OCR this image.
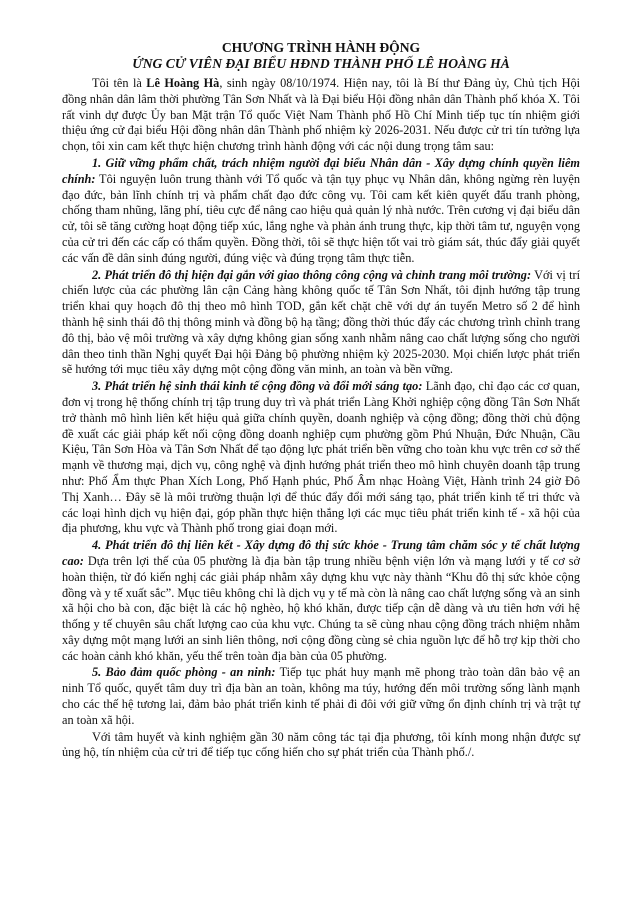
CHƯƠNG TRÌNH HÀNH ĐỘNG
ỨNG CỬ VIÊN ĐẠI BIỂU HĐND THÀNH PHỐ LÊ HOÀNG HÀ

Tôi tên là Lê Hoàng Hà, sinh ngày 08/10/1974. Hiện nay, tôi là Bí thư Đảng ủy, Chủ tịch Hội đồng nhân dân lâm thời phường Tân Sơn Nhất và là Đại biểu Hội đồng nhân dân Thành phố khóa X. Tôi rất vinh dự được Ủy ban Mặt trận Tổ quốc Việt Nam Thành phố Hồ Chí Minh tiếp tục tín nhiệm giới thiệu ứng cử đại biểu Hội đồng nhân dân Thành phố nhiệm kỳ 2026-2031. Nếu được cử tri tín tưởng lựa chọn, tôi xin cam kết thực hiện chương trình hành động với các nội dung trọng tâm sau:

1. Giữ vững phẩm chất, trách nhiệm người đại biểu Nhân dân - Xây dựng chính quyền liêm chính: Tôi nguyện luôn trung thành với Tổ quốc và tận tụy phục vụ Nhân dân, không ngừng rèn luyện đạo đức, bản lĩnh chính trị và phẩm chất đạo đức công vụ. Tôi cam kết kiên quyết đấu tranh phòng, chống tham nhũng, lãng phí, tiêu cực để nâng cao hiệu quả quản lý nhà nước. Trên cương vị đại biểu dân cử, tôi sẽ tăng cường hoạt động tiếp xúc, lắng nghe và phản ánh trung thực, kịp thời tâm tư, nguyện vọng của cử tri đến các cấp có thẩm quyền. Đồng thời, tôi sẽ thực hiện tốt vai trò giám sát, thúc đẩy giải quyết các vấn đề dân sinh đúng người, đúng việc và đúng trọng tâm thực tiễn.

2. Phát triển đô thị hiện đại gắn với giao thông công cộng và chỉnh trang môi trường: Với vị trí chiến lược của các phường lân cận Cảng hàng không quốc tế Tân Sơn Nhất, tôi định hướng tập trung triển khai quy hoạch đô thị theo mô hình TOD, gắn kết chặt chẽ với dự án tuyến Metro số 2 để hình thành hệ sinh thái đô thị thông minh và đồng bộ hạ tầng; đồng thời thúc đẩy các chương trình chỉnh trang đô thị, bảo vệ môi trường và xây dựng không gian sống xanh nhằm nâng cao chất lượng sống cho người dân theo tinh thần Nghị quyết Đại hội Đảng bộ phường nhiệm kỳ 2025-2030. Mọi chiến lược phát triển sẽ hướng tới mục tiêu xây dựng một cộng đồng văn minh, an toàn và bền vững.

3. Phát triển hệ sinh thái kinh tế cộng đồng và đổi mới sáng tạo: Lãnh đạo, chỉ đạo các cơ quan, đơn vị trong hệ thống chính trị tập trung duy trì và phát triển Làng Khởi nghiệp cộng đồng Tân Sơn Nhất trở thành mô hình liên kết hiệu quả giữa chính quyền, doanh nghiệp và cộng đồng; đồng thời chủ động đề xuất các giải pháp kết nối cộng đồng doanh nghiệp cụm phường gồm Phú Nhuận, Đức Nhuận, Cầu Kiệu, Tân Sơn Hòa và Tân Sơn Nhất để tạo động lực phát triển bền vững cho toàn khu vực trên cơ sở thế mạnh về thương mại, dịch vụ, công nghệ và định hướng phát triển theo mô hình chuyên doanh tập trung như: Phố Ẩm thực Phan Xích Long, Phố Hạnh phúc, Phố Âm nhạc Hoàng Việt, Hành trình 24 giờ Đô Thị Xanh… Đây sẽ là môi trường thuận lợi để thúc đẩy đổi mới sáng tạo, phát triển kinh tế tri thức và các loại hình dịch vụ hiện đại, góp phần thực hiện thắng lợi các mục tiêu phát triển kinh tế - xã hội của địa phương, khu vực và Thành phố trong giai đoạn mới.

4. Phát triển đô thị liên kết - Xây dựng đô thị sức khỏe - Trung tâm chăm sóc y tế chất lượng cao: Dựa trên lợi thế của 05 phường là địa bàn tập trung nhiều bệnh viện lớn và mạng lưới y tế cơ sở hoàn thiện, từ đó kiến nghị các giải pháp nhằm xây dựng khu vực này thành “Khu đô thị sức khỏe cộng đồng và y tế xuất sắc”. Mục tiêu không chỉ là dịch vụ y tế mà còn là nâng cao chất lượng sống và an sinh xã hội cho bà con, đặc biệt là các hộ nghèo, hộ khó khăn, được tiếp cận dễ dàng và ưu tiên hơn với hệ thống y tế chuyên sâu chất lượng cao của khu vực. Chúng ta sẽ cùng nhau cộng đồng trách nhiệm nhằm xây dựng một mạng lưới an sinh liên thông, nơi cộng đồng cùng sẻ chia nguồn lực để hỗ trợ kịp thời cho các hoàn cảnh khó khăn, yếu thế trên toàn địa bàn của 05 phường.

5. Bảo đảm quốc phòng - an ninh: Tiếp tục phát huy mạnh mẽ phong trào toàn dân bảo vệ an ninh Tổ quốc, quyết tâm duy trì địa bàn an toàn, không ma túy, hướng đến môi trường sống lành mạnh cho các thế hệ tương lai, đảm bảo phát triển kinh tế phải đi đôi với giữ vững ổn định chính trị và trật tự an toàn xã hội.

Với tâm huyết và kinh nghiệm gần 30 năm công tác tại địa phương, tôi kính mong nhận được sự ủng hộ, tín nhiệm của cử tri để tiếp tục cống hiến cho sự phát triển của Thành phố./.
